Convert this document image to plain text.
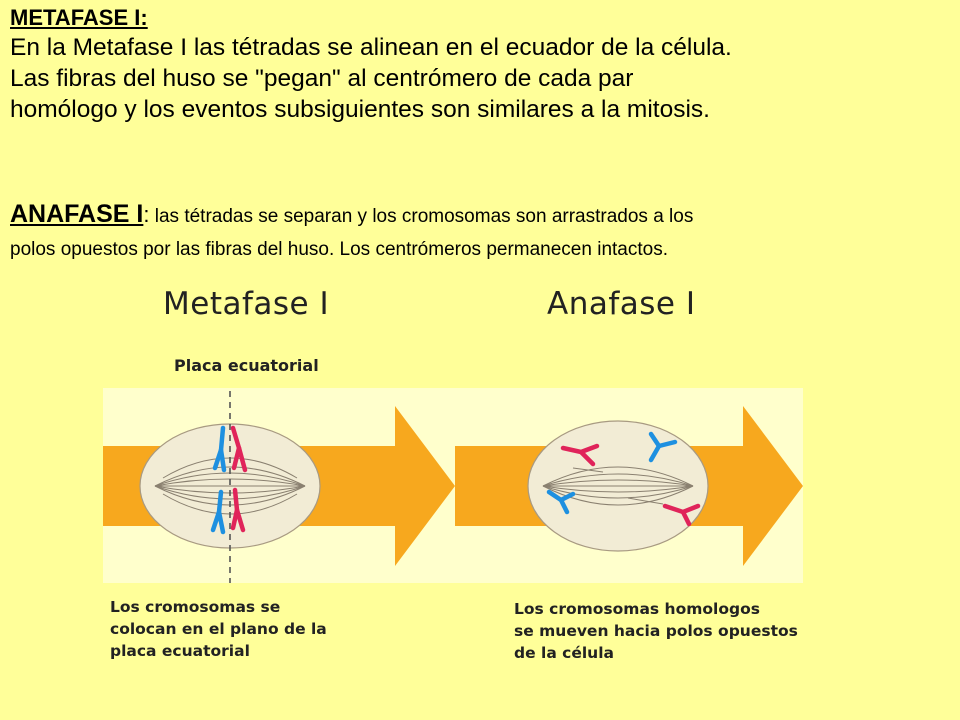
METAFASE I:

En la Metafase I las tétradas se alinean en el ecuador de la célula.
Las fibras del huso se "pegan" al centrómero de cada par
homólogo y los eventos subsiguientes son similares a la mitosis.

ANAFASE I: las tétradas se separan y los cromosomas son arrastrados a los
polos opuestos por las fibras del huso. Los centrómeros permanecen intactos.
Metafase I	Anafase I
Placa ecuatorial
Los cromosomas se
colocan en el plano de la
placa ecuatorial
Los cromosomas homologos
se mueven hacia polos opuestos
de la célula
